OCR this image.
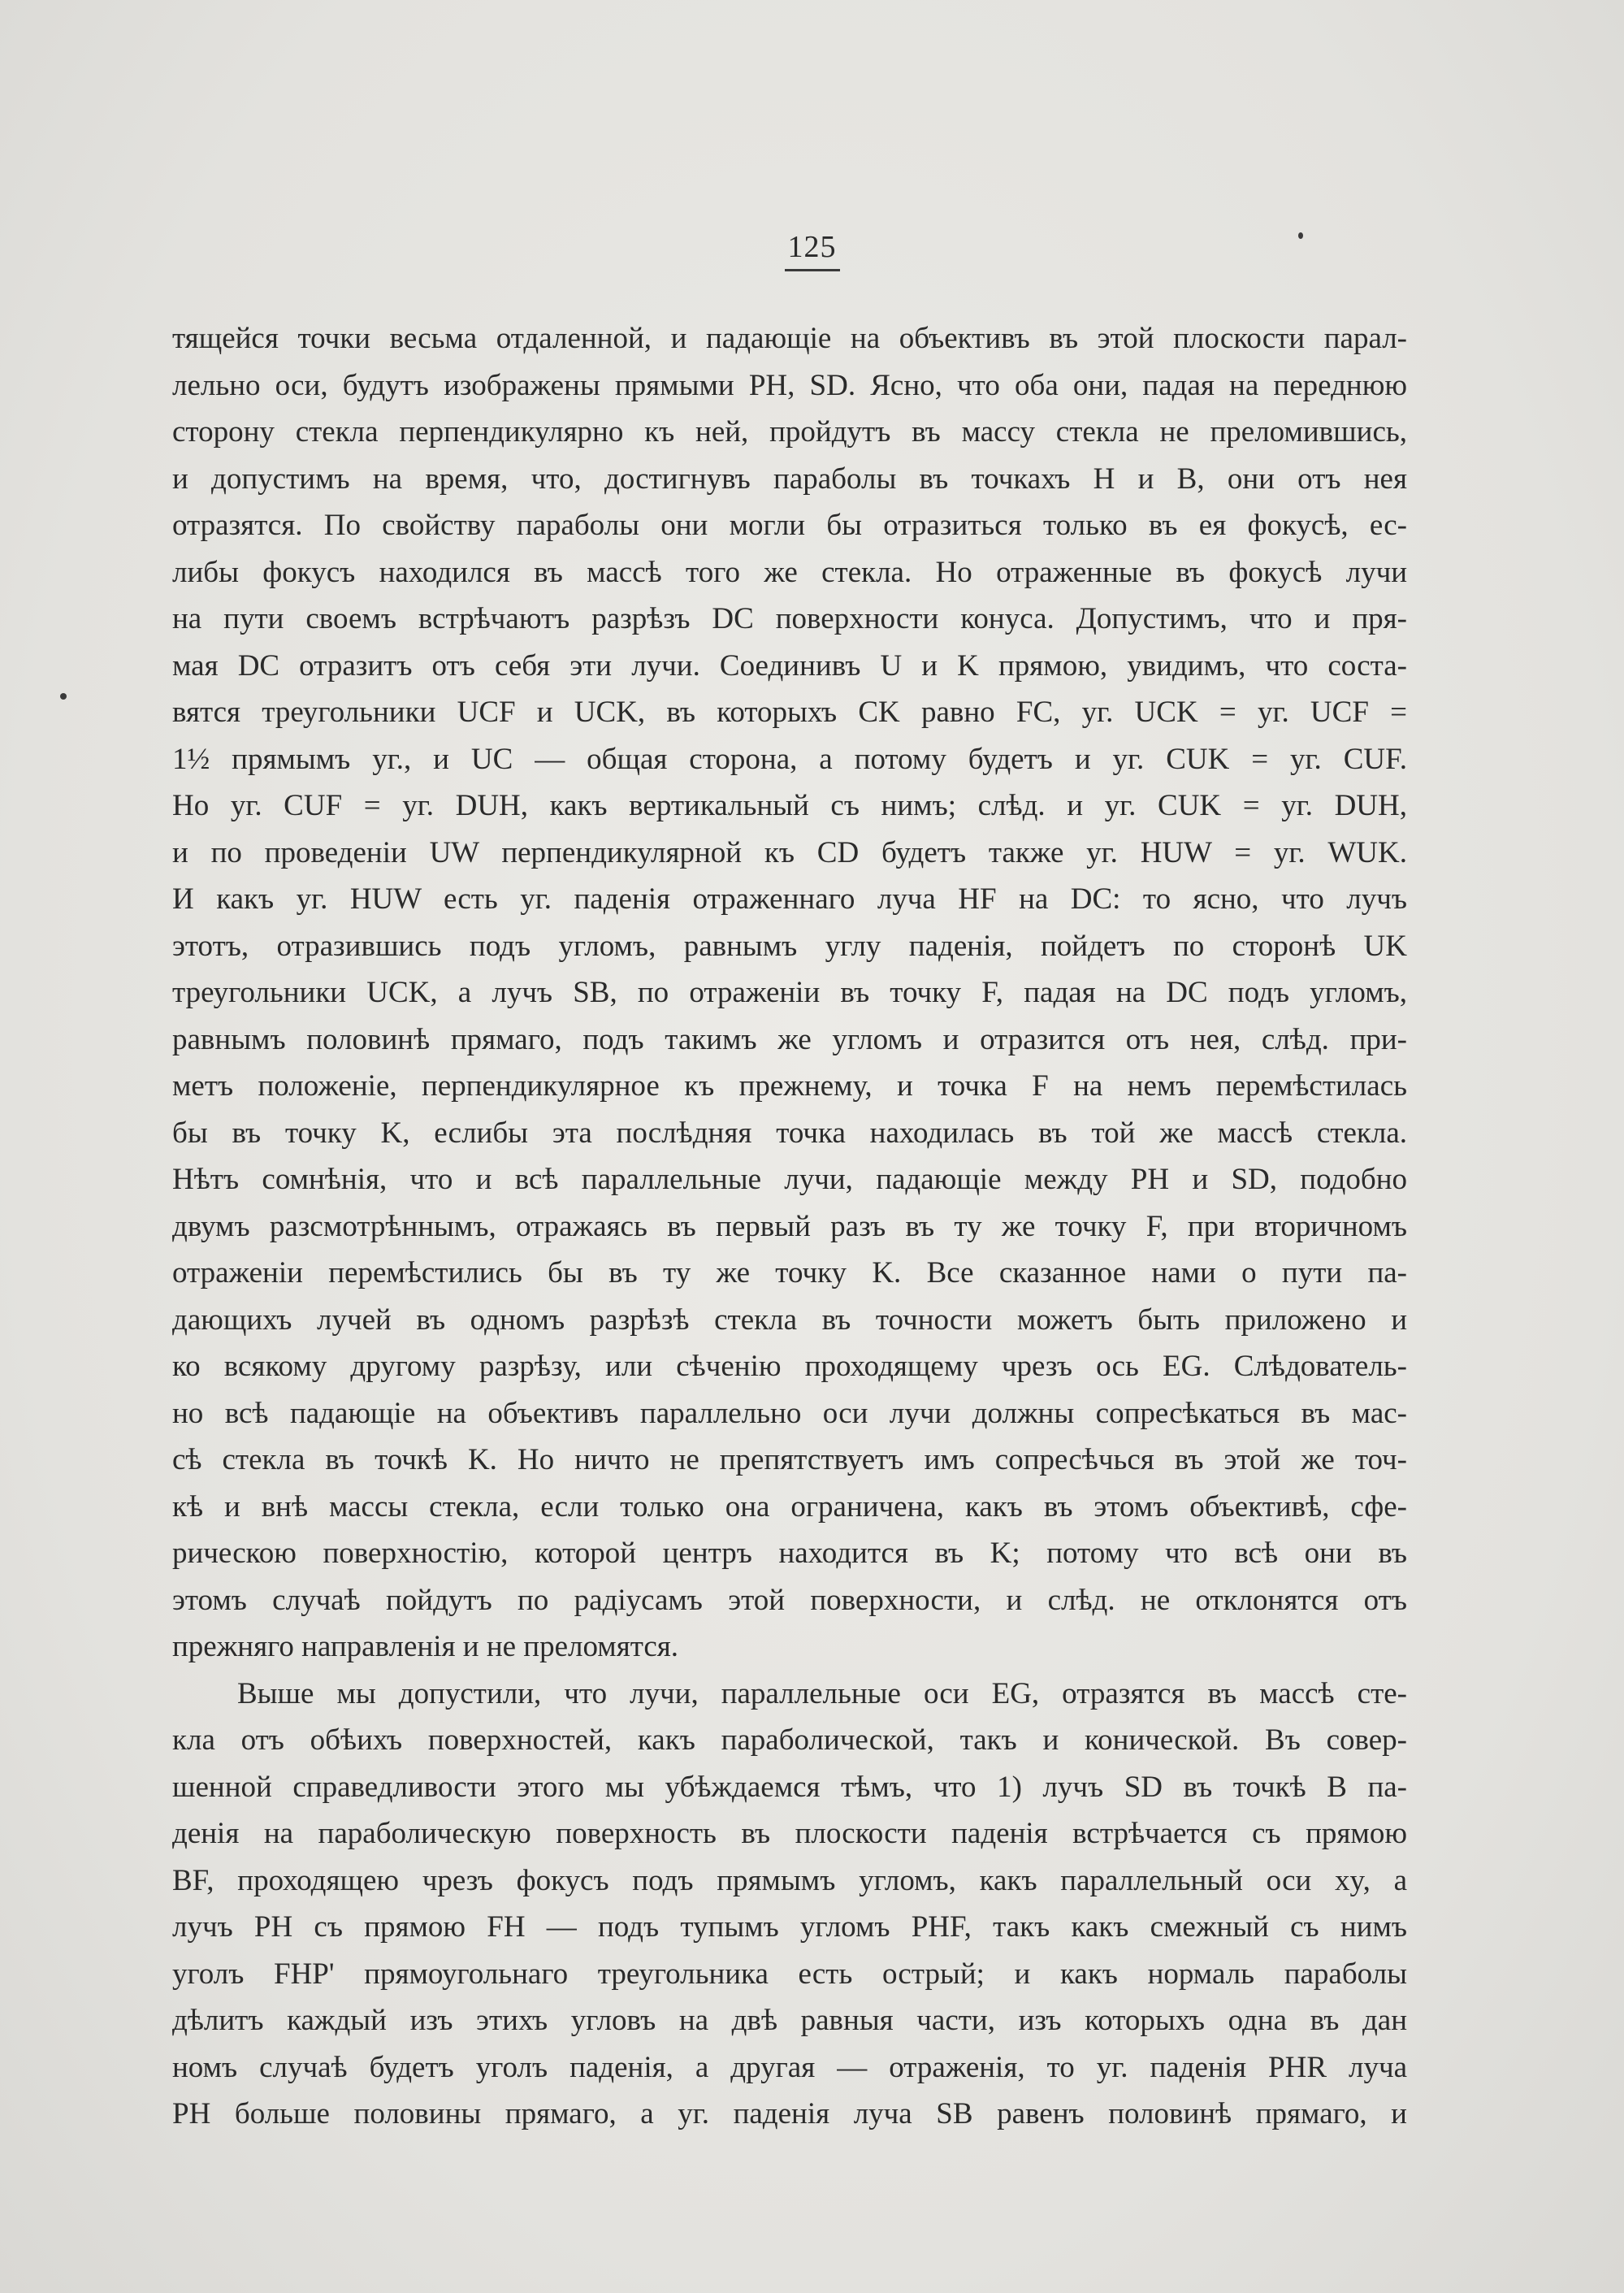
125
тящейся точки весьма отдаленной, и падающіе на объективъ въ этой плоскости парал-
лельно оси, будутъ изображены прямыми PH, SD. Ясно, что оба они, падая на переднюю
сторону стекла перпендикулярно къ ней, пройдутъ въ массу стекла не преломившись,
и допустимъ на время, что, достигнувъ параболы въ точкахъ H и B, они отъ нея
отразятся. По свойству параболы они могли бы отразиться только въ ея фокусѣ, ес-
либы фокусъ находился въ массѣ того же стекла. Но отраженные въ фокусѣ лучи
на пути своемъ встрѣчаютъ разрѣзъ DC поверхности конуса. Допустимъ, что и пря-
мая DC отразитъ отъ себя эти лучи. Соединивъ U и K прямою, увидимъ, что соста-
вятся треугольники UCF и UCK, въ которыхъ CK равно FC, уг. UCK = уг. UCF =
1½ прямымъ уг., и UC — общая сторона, а потому будетъ и уг. CUK = уг. CUF.
Но уг. CUF = уг. DUH, какъ вертикальный съ нимъ; слѣд. и уг. CUK = уг. DUH,
и по проведеніи UW перпендикулярной къ CD будетъ также уг. HUW = уг. WUK.
И какъ уг. HUW есть уг. паденія отраженнаго луча HF на DC: то ясно, что лучъ
этотъ, отразившись подъ угломъ, равнымъ углу паденія, пойдетъ по сторонѣ UK
треугольники UCK, а лучъ SB, по отраженіи въ точку F, падая на DC подъ угломъ,
равнымъ половинѣ прямаго, подъ такимъ же угломъ и отразится отъ нея, слѣд. при-
метъ положеніе, перпендикулярное къ прежнему, и точка F на немъ перемѣстилась
бы въ точку K, еслибы эта послѣдняя точка находилась въ той же массѣ стекла.
Нѣтъ сомнѣнія, что и всѣ параллельные лучи, падающіе между PH и SD, подобно
двумъ разсмотрѣннымъ, отражаясь въ первый разъ въ ту же точку F, при вторичномъ
отраженіи перемѣстились бы въ ту же точку K. Все сказанное нами о пути па-
дающихъ лучей въ одномъ разрѣзѣ стекла въ точности можетъ быть приложено и
ко всякому другому разрѣзу, или сѣченію проходящему чрезъ ось EG. Слѣдователь-
но всѣ падающіе на объективъ параллельно оси лучи должны сопресѣкаться въ мас-
сѣ стекла въ точкѣ K. Но ничто не препятствуетъ имъ сопресѣчься въ этой же точ-
кѣ и внѣ массы стекла, если только она ограничена, какъ въ этомъ объективѣ, сфе-
рическою поверхностію, которой центръ находится въ K; потому что всѣ они въ
этомъ случаѣ пойдутъ по радіусамъ этой поверхности, и слѣд. не отклонятся отъ
прежняго направленія и не преломятся.
Выше мы допустили, что лучи, параллельные оси EG, отразятся въ массѣ сте-
кла отъ обѣихъ поверхностей, какъ параболической, такъ и конической. Въ совер-
шенной справедливости этого мы убѣждаемся тѣмъ, что 1) лучъ SD въ точкѣ B па-
денія на параболическую поверхность въ плоскости паденія встрѣчается съ прямою
BF, проходящею чрезъ фокусъ подъ прямымъ угломъ, какъ параллельный оси xy, а
лучъ PH съ прямою FH — подъ тупымъ угломъ PHF, такъ какъ смежный съ нимъ
уголъ FHP' прямоугольнаго треугольника есть острый; и какъ нормаль параболы
дѣлитъ каждый изъ этихъ угловъ на двѣ равныя части, изъ которыхъ одна въ дан
номъ случаѣ будетъ уголъ паденія, а другая — отраженія, то уг. паденія PHR луча
PH больше половины прямаго, а уг. паденія луча SB равенъ половинѣ прямаго, и
